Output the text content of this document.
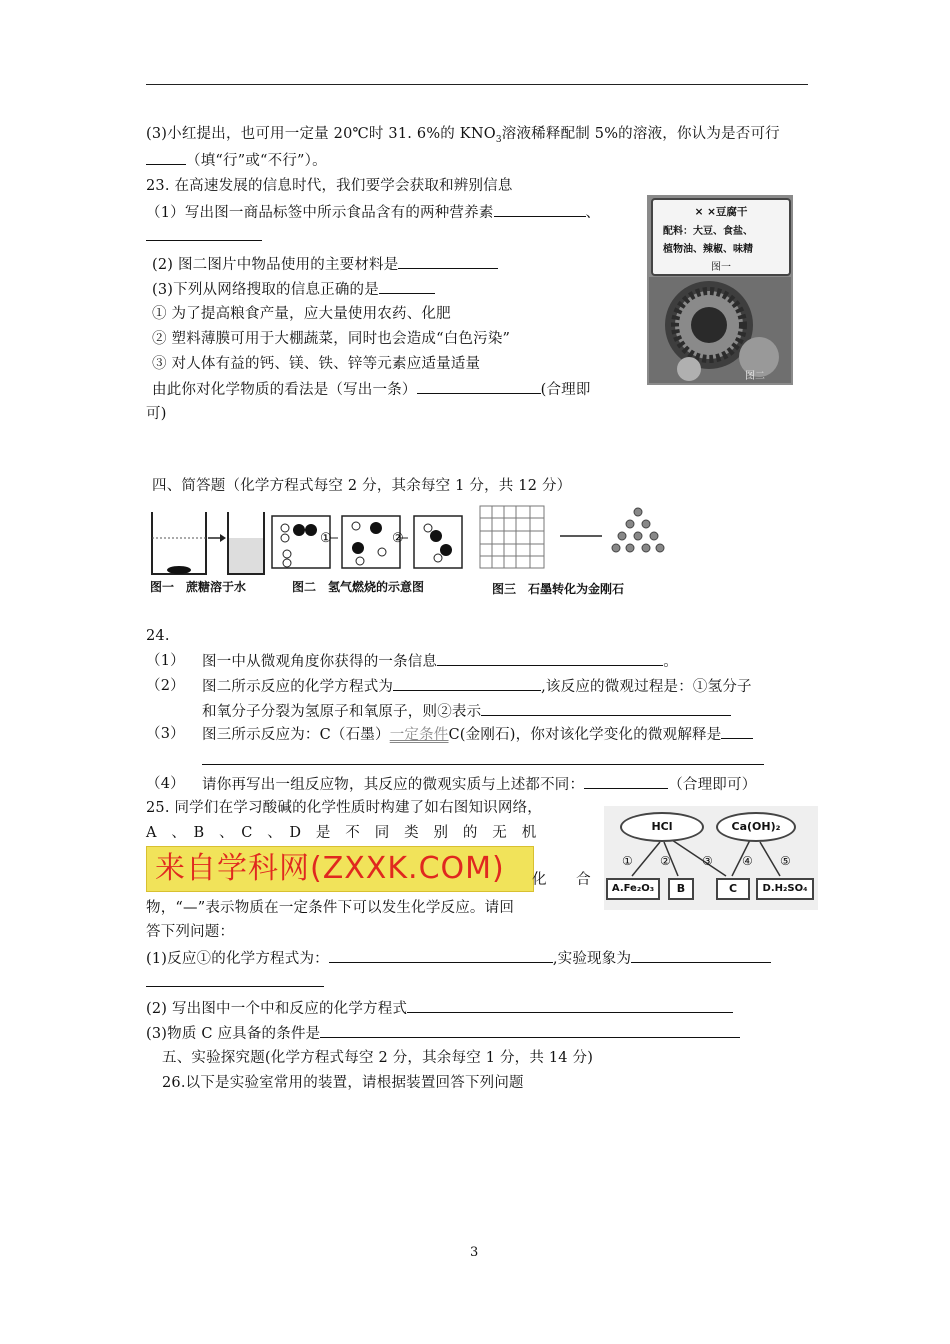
(3)小红提出，也可用一定量 20℃时 31. 6%的 $KNO_3$溶液稀释配制 5%的溶液，你认为是否可行
（填“行”或“不行”）。
23. 在高速发展的信息时代，我们要学会获取和辨别信息
（1）写出图一商品标签中所示食品含有的两种营养素	、
(2) 图二图片中物品使用的主要材料是
(3)下列从网络搜取的信息正确的是
① 为了提高粮食产量，应大量使用农药、化肥
② 塑料薄膜可用于大棚蔬菜，同时也会造成“白色污染”
③ 对人体有益的钙、镁、铁、锌等元素应适量适量
由此你对化学物质的看法是（写出一条）	(合理即
可)
× ×豆腐干
配料：大豆、食盐、
植物油、辣椒、味精
图一
图二
四、简答题（化学方程式每空 2 分，其余每空 1 分，共 12 分）
①	②
图一　蔗糖溶于水	图二　氢气燃烧的示意图	图三　石墨转化为金刚石
24.
（1） 图一中从微观角度你获得的一条信息	。
（2） 图二所示反应的化学方程式为	,该反应的微观过程是：①氢分子
和氧分子分裂为氢原子和氧原子，则②表示
（3） 图三所示反应为：C（石墨）一定条件C(金刚石)，你对该化学变化的微观解释是
（4） 请你再写出一组反应物，其反应的微观实质与上述都不同：	（合理即可）
25. 同学们在学习酸碱的化学性质时构建了如右图知识网络，
A　、　B　、　C　、　D　是　不　同　类　别　的　无　机
来自学科网(ZXXK.COM) 化　　合
物，“—”表示物质在一定条件下可以发生化学反应。请回
答下列问题：
HCl	Ca(OH)₂
A.Fe₂O₃	B	C	D.H₂SO₄
① ②	③ ④ ⑤
(1)反应①的化学方程式为：	,实验现象为
(2) 写出图中一个中和反应的化学方程式
(3)物质 C 应具备的条件是
五、实验探究题(化学方程式每空 2 分，其余每空 1 分，共 14 分)
26.以下是实验室常用的装置，请根据装置回答下列问题
3
